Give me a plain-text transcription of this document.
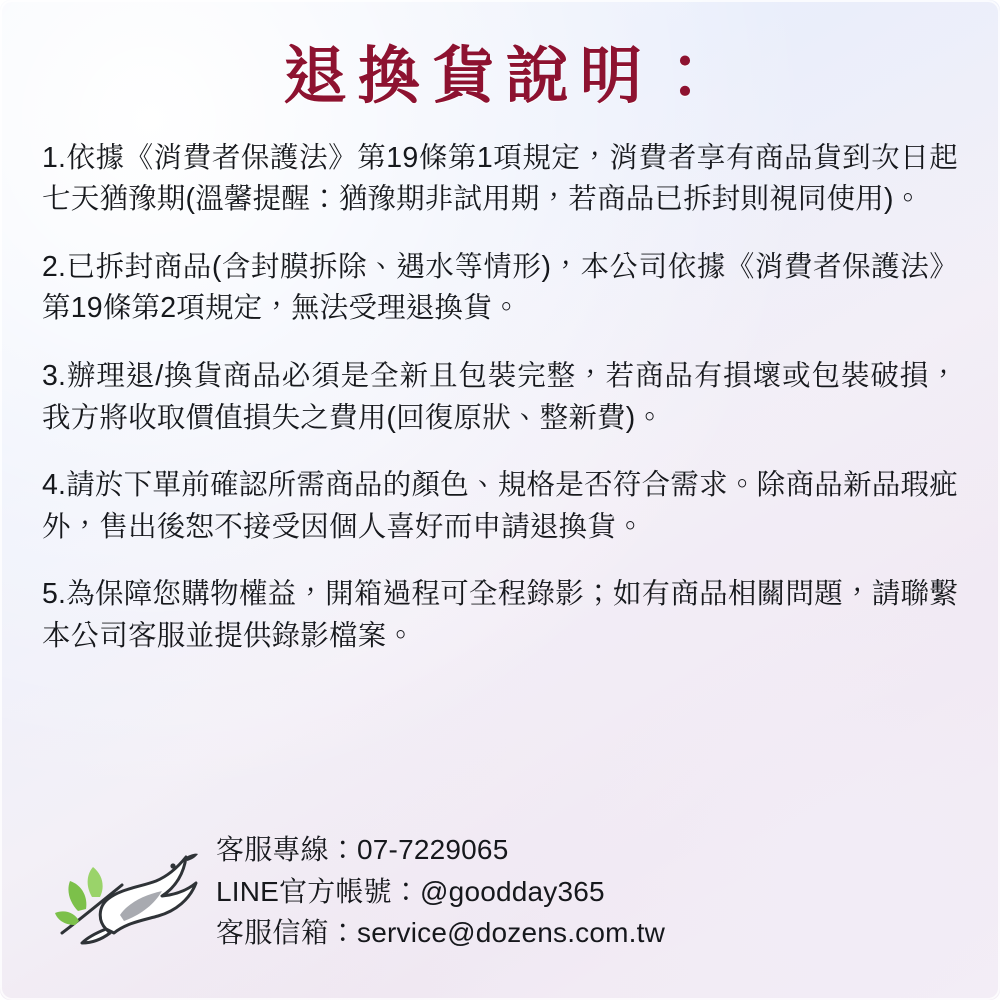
退換貨說明：

1.依據《消費者保護法》第19條第1項規定，消費者享有商品貨到次日起七天猶豫期(溫馨提醒：猶豫期非試用期，若商品已拆封則視同使用)。

2.已拆封商品(含封膜拆除、遇水等情形)，本公司依據《消費者保護法》第19條第2項規定，無法受理退換貨。

3.辦理退/換貨商品必須是全新且包裝完整，若商品有損壞或包裝破損，我方將收取價值損失之費用(回復原狀、整新費)。

4.請於下單前確認所需商品的顏色、規格是否符合需求。除商品新品瑕疵外，售出後恕不接受因個人喜好而申請退換貨。

5.為保障您購物權益，開箱過程可全程錄影；如有商品相關問題，請聯繫本公司客服並提供錄影檔案。

客服專線：07-7229065
LINE官方帳號：@goodday365
客服信箱：service@dozens.com.tw
